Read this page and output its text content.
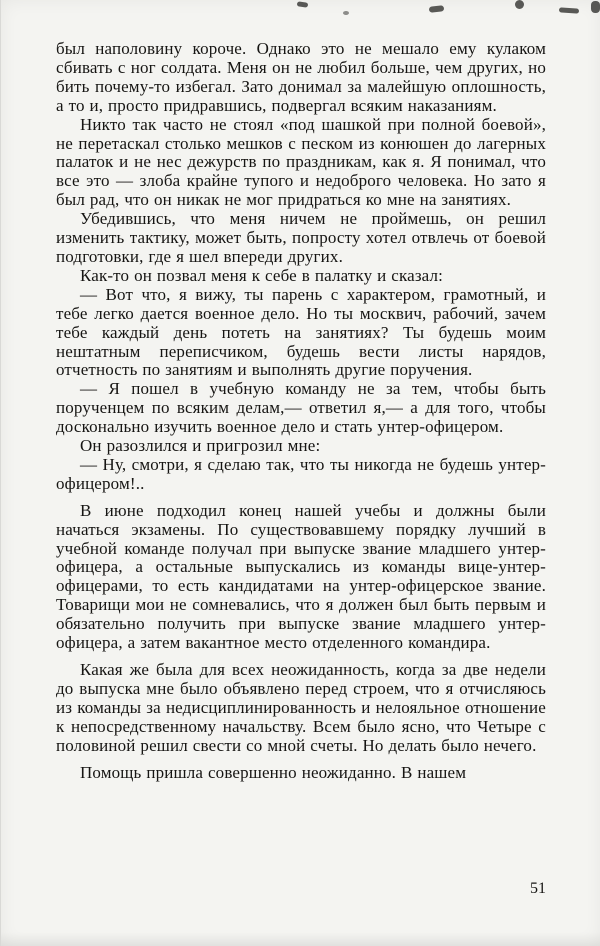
был наполовину короче. Однако это не мешало ему кулаком сбивать с ног солдата. Меня он не любил больше, чем других, но бить почему-то избегал. Зато донимал за малейшую оплошность, а то и, просто придравшись, подвергал всяким наказаниям.

Никто так часто не стоял «под шашкой при полной боевой», не перетаскал столько мешков с песком из конюшен до лагерных палаток и не нес дежурств по праздникам, как я. Я понимал, что все это — злоба крайне тупого и недоброго человека. Но зато я был рад, что он никак не мог придраться ко мне на занятиях.

Убедившись, что меня ничем не проймешь, он решил изменить тактику, может быть, попросту хотел отвлечь от боевой подготовки, где я шел впереди других.

Как-то он позвал меня к себе в палатку и сказал:

— Вот что, я вижу, ты парень с характером, грамотный, и тебе легко дается военное дело. Но ты москвич, рабочий, зачем тебе каждый день потеть на занятиях? Ты будешь моим нештатным переписчиком, будешь вести листы нарядов, отчетность по занятиям и выполнять другие поручения.

— Я пошел в учебную команду не за тем, чтобы быть порученцем по всяким делам,— ответил я,— а для того, чтобы досконально изучить военное дело и стать унтер-офицером.

Он разозлился и пригрозил мне:

— Ну, смотри, я сделаю так, что ты никогда не будешь унтер-офицером!..

В июне подходил конец нашей учебы и должны были начаться экзамены. По существовавшему порядку лучший в учебной команде получал при выпуске звание младшего унтер-офицера, а остальные выпускались из команды вице-унтер-офицерами, то есть кандидатами на унтер-офицерское звание. Товарищи мои не сомневались, что я должен был быть первым и обязательно получить при выпуске звание младшего унтер-офицера, а затем вакантное место отделенного командира.

Какая же была для всех неожиданность, когда за две недели до выпуска мне было объявлено перед строем, что я отчисляюсь из команды за недисциплинированность и нелояльное отношение к непосредственному начальству. Всем было ясно, что Четыре с половиной решил свести со мной счеты. Но делать было нечего.

Помощь пришла совершенно неожиданно. В нашем

51
